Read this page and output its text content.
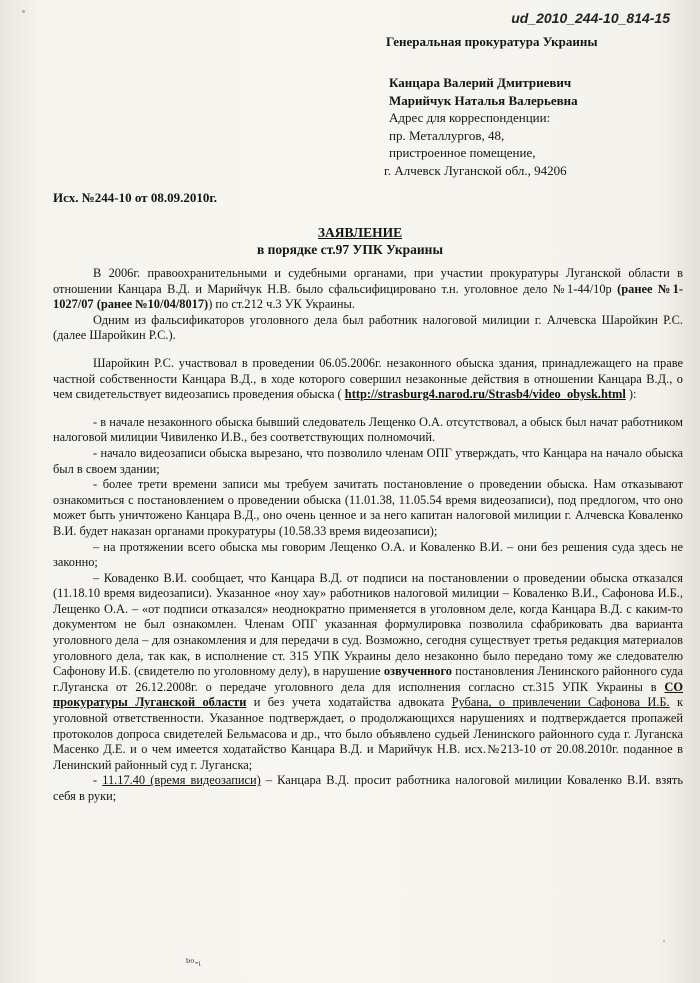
ud_2010_244-10_814-15
Генеральная прокуратура Украины
Канцара Валерий Дмитриевич
Марийчук Наталья Валерьевна
Адрес для корреспонденции:
пр. Металлургов, 48,
пристроенное помещение,
г. Алчевск Луганской обл., 94206
Исх. №244-10 от 08.09.2010г.
ЗАЯВЛЕНИЕ
в порядке ст.97 УПК Украины

В 2006г. правоохранительными и судебными органами, при участии прокуратуры Луганской области в отношении Канцара В.Д. и Марийчук Н.В. было сфальсифицировано т.н. уголовное дело №1-44/10р (ранее №1-1027/07 (ранее №10/04/8017)) по ст.212 ч.3 УК Украины.

Одним из фальсификаторов уголовного дела был работник налоговой милиции г. Алчевска Шаройкин Р.С. (далее Шаройкин Р.С.).

Шаройкин Р.С. участвовал в проведении 06.05.2006г. незаконного обыска здания, принадлежащего на праве частной собственности Канцара В.Д., в ходе которого совершил незаконные действия в отношении Канцара В.Д., о чем свидетельствует видеозапись проведения обыска ( http://strasburg4.narod.ru/Strasb4/video_obysk.html ):

- в начале незаконного обыска бывший следователь Лещенко О.А. отсутствовал, а обыск был начат работником налоговой милиции Чивиленко И.В., без соответствующих полномочий.

- начало видеозаписи обыска вырезано, что позволило членам ОПГ утверждать, что Канцара на начало обыска был в своем здании;

- более трети времени записи мы требуем зачитать постановление о проведении обыска. Нам отказывают ознакомиться с постановлением о проведении обыска (11.01.38, 11.05.54 время видеозаписи), под предлогом, что оно может быть уничтожено Канцара В.Д., оно очень ценное и за него капитан налоговой милиции г. Алчевска Коваленко В.И. будет наказан органами прокуратуры (10.58.33 время видеозаписи);

– на протяжении всего обыска мы говорим Лещенко О.А. и Коваленко В.И. – они без решения суда здесь не законно;

– Коваденко В.И. сообщает, что Канцара В.Д. от подписи на постановлении о проведении обыска отказался (11.18.10 время видеозаписи). Указанное «ноу хау» работников налоговой милиции – Коваленко В.И., Сафонова И.Б., Лещенко О.А. – «от подписи отказался» неоднократно применяется в уголовном деле, когда Канцара В.Д. с каким-то документом не был ознакомлен. Членам ОПГ указанная формулировка позволила сфабриковать два варианта уголовного дела – для ознакомления и для передачи в суд. Возможно, сегодня существует третья редакция материалов уголовного дела, так как, в исполнение ст. 315 УПК Украины дело незаконно было передано тому же следователю Сафонову И.Б. (свидетелю по уголовному делу), в нарушение озвученного постановления Ленинского районного суда г.Луганска от 26.12.2008г. о передаче уголовного дела для исполнения согласно ст.315 УПК Украины в СО прокуратуры Луганской области и без учета ходатайства адвоката Рубана, о привлечении Сафонова И.Б. к уголовной ответственности. Указанное подтверждает, о продолжающихся нарушениях и подтверждается пропажей протоколов допроса свидетелей Бельмасова и др., что было объявлено судьей Ленинского районного суда г. Луганска Масенко Д.Е. и о чем имеется ходатайство Канцара В.Д. и Марийчук Н.В. исх.№213-10 от 20.08.2010г. поданное в Ленинский районный суд г. Луганска;

- 11.17.40 (время видеозаписи) – Канцара В.Д. просит работника налоговой милиции Коваленко В.И. взять себя в руки;

ᵇᵒ-ᵢ
